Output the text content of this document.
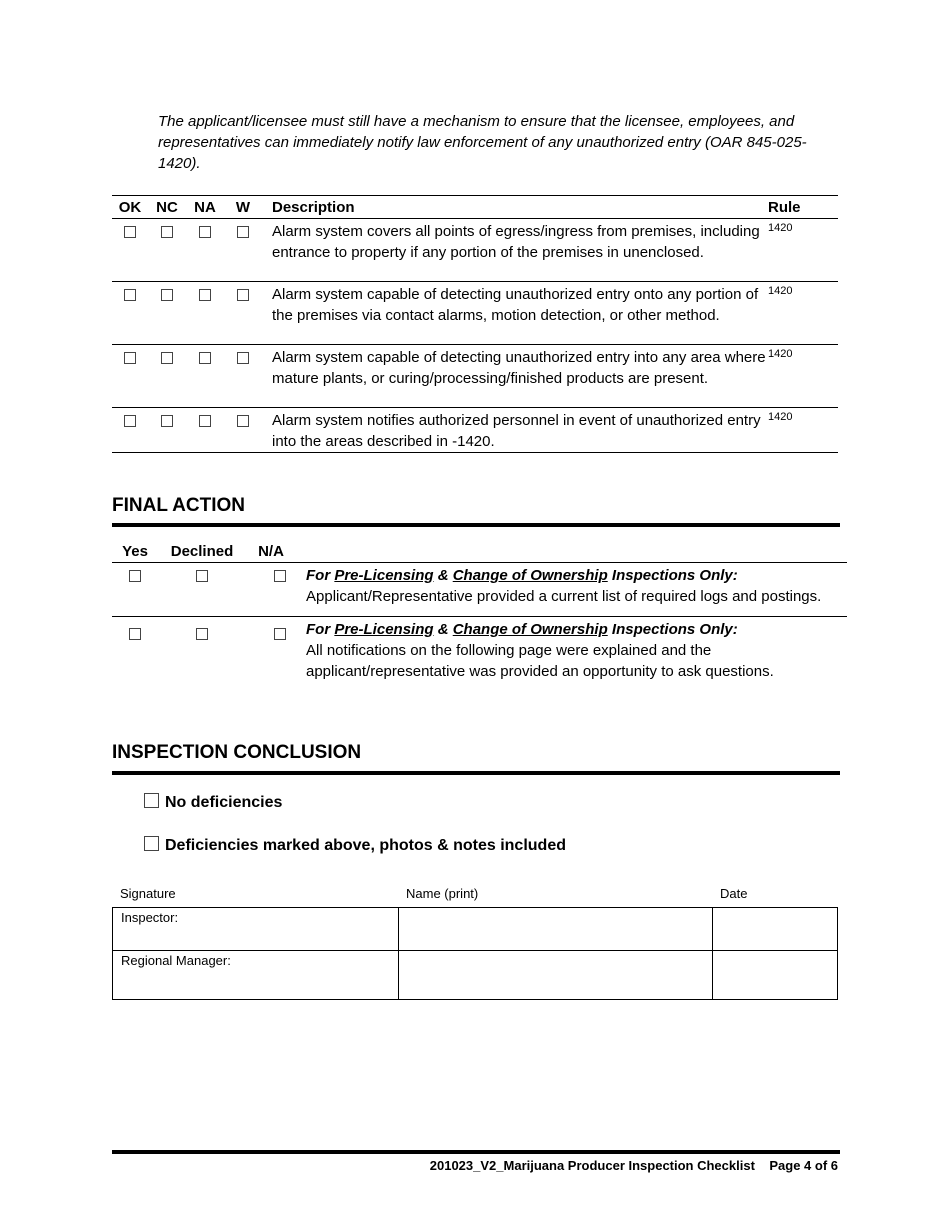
The applicant/licensee must still have a mechanism to ensure that the licensee, employees, and representatives can immediately notify law enforcement of any unauthorized entry (OAR 845-025-1420).
OK	NC	NA	W	Description	Rule
				Alarm system covers all points of egress/ingress from premises, including entrance to property if any portion of the premises in unenclosed.	1420
				Alarm system capable of detecting unauthorized entry onto any portion of the premises via contact alarms, motion detection, or other method.	1420
				Alarm system capable of detecting unauthorized entry into any area where mature plants, or curing/processing/finished products are present.	1420
				Alarm system notifies authorized personnel in event of unauthorized entry into the areas described in -1420.	1420
FINAL ACTION
Yes	Declined	N/A		
				For Pre-Licensing & Change of Ownership Inspections Only:
Applicant/Representative provided a current list of required logs and postings.
				For Pre-Licensing & Change of Ownership Inspections Only:
All notifications on the following page were explained and the applicant/representative was provided an opportunity to ask questions.
INSPECTION CONCLUSION
No deficiencies
Deficiencies marked above, photos & notes included
Signature	Name (print)	Date
Inspector:		
Regional Manager:		
201023_V2_Marijuana Producer Inspection Checklist    Page 4 of 6
